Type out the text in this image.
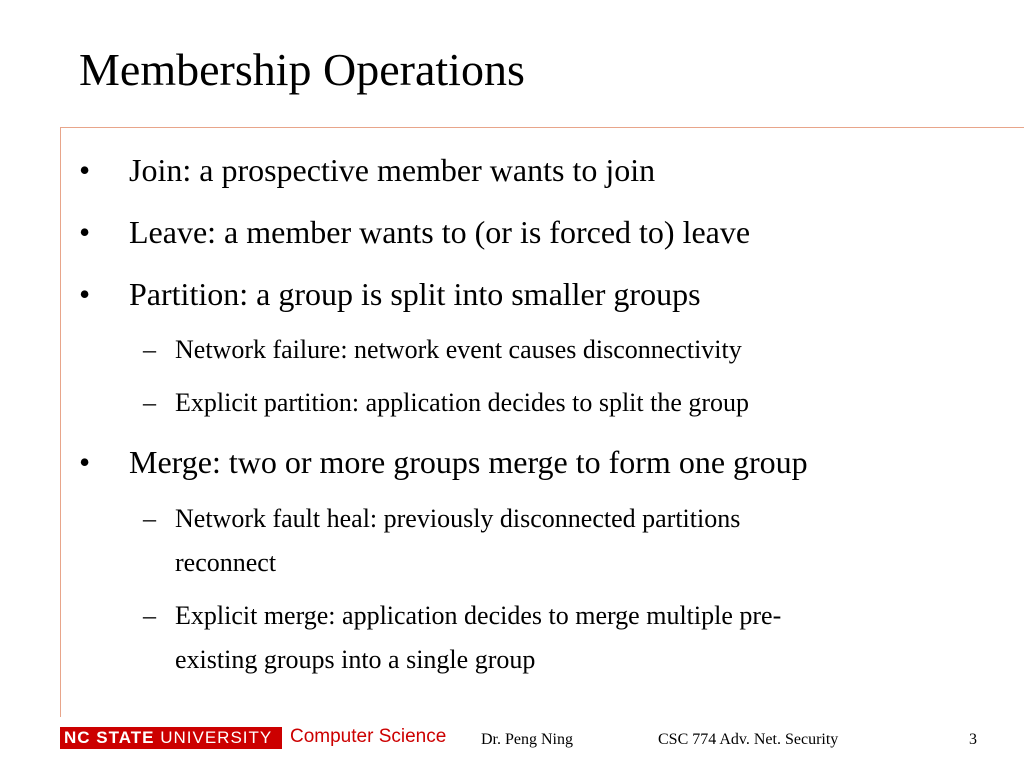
Membership Operations
• Join: a prospective member wants to join
• Leave: a member wants to (or is forced to) leave
• Partition: a group is split into smaller groups
– Network failure: network event causes disconnectivity
– Explicit partition: application decides to split the group
• Merge: two or more groups merge to form one group
– Network fault heal: previously disconnected partitions
reconnect
– Explicit merge: application decides to merge multiple pre-
existing groups into a single group
NC STATE UNIVERSITY Computer Science Dr. Peng Ning	CSC 774 Adv. Net. Security	3
